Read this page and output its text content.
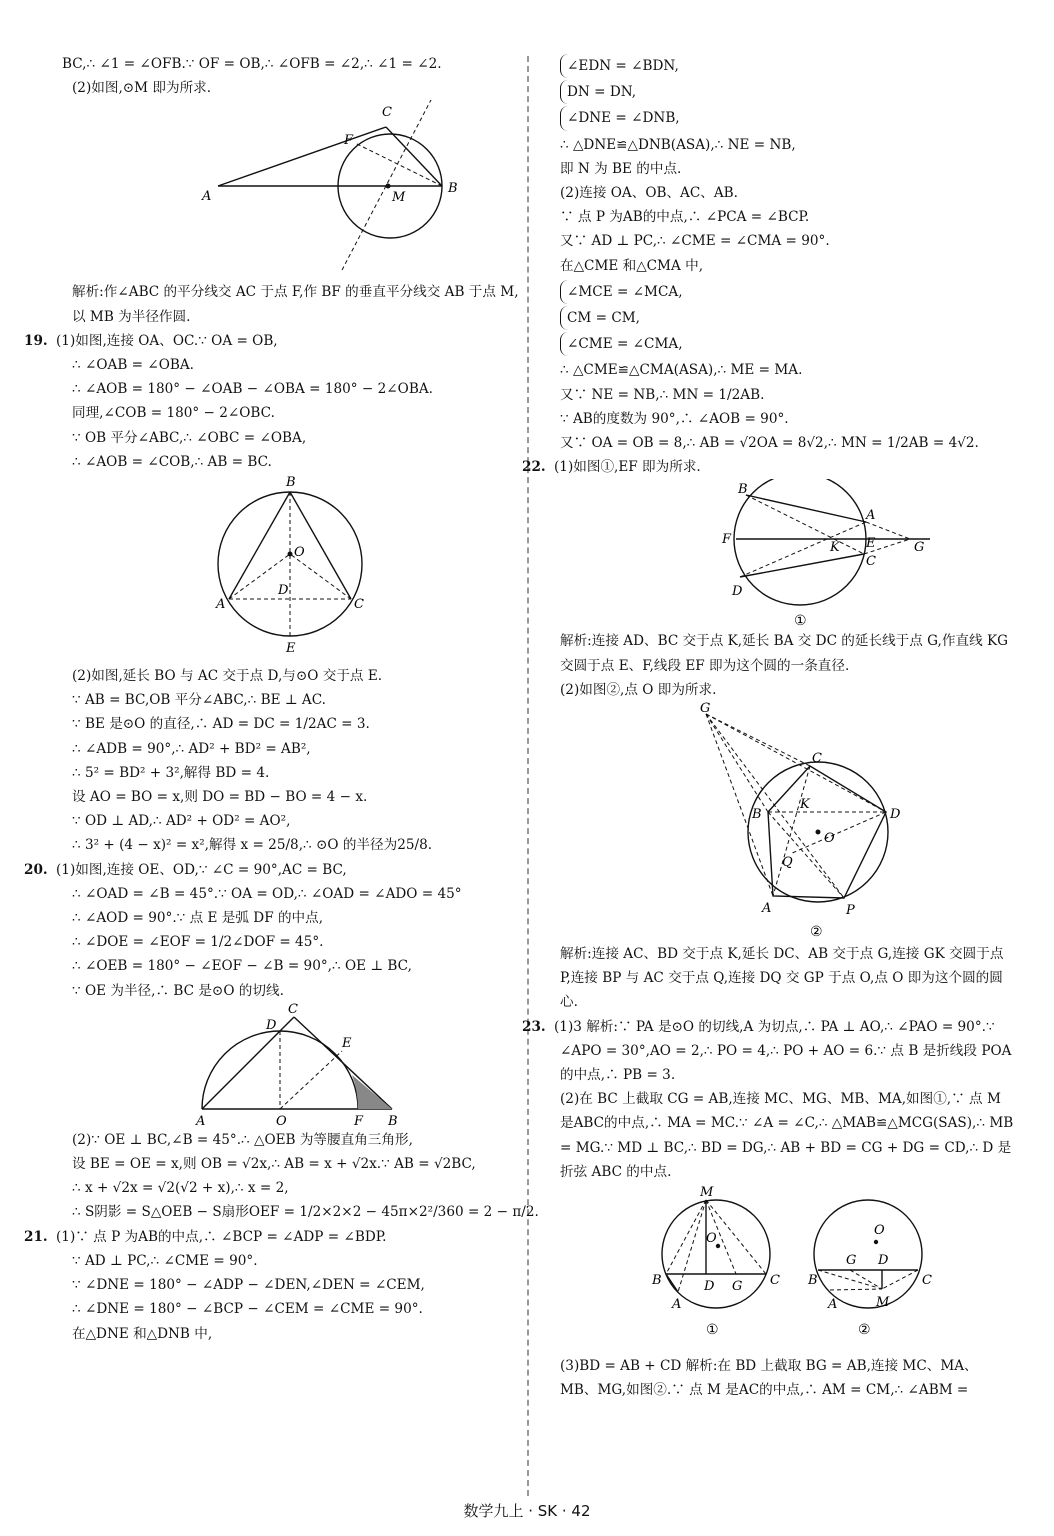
BC,∴ ∠1 = ∠OFB.∵ OF = OB,∴ ∠OFB = ∠2,∴ ∠1 = ∠2.
(2)如图,⊙M 即为所求.
C
F
A	M
B
解析:作∠ABC 的平分线交 AC 于点 F,作 BF 的垂直平分线交 AB 于点 M,以 MB 为半径作圆.
19. (1)如图,连接 OA、OC.∵ OA = OB,
∴ ∠OAB = ∠OBA.
∴ ∠AOB = 180° − ∠OAB − ∠OBA = 180° − 2∠OBA.
同理,∠COB = 180° − 2∠OBC.
∵ OB 平分∠ABC,∴ ∠OBC = ∠OBA,
∴ ∠AOB = ∠COB,∴ AB = BC.
B
O
D
A	C
E
(2)如图,延长 BO 与 AC 交于点 D,与⊙O 交于点 E.
∵ AB = BC,OB 平分∠ABC,∴ BE ⊥ AC.
∵ BE 是⊙O 的直径,∴ AD = DC = 1/2AC = 3.
∴ ∠ADB = 90°,∴ AD² + BD² = AB²,
∴ 5² = BD² + 3²,解得 BD = 4.
设 AO = BO = x,则 DO = BD − BO = 4 − x.
∵ OD ⊥ AD,∴ AD² + OD² = AO²,
∴ 3² + (4 − x)² = x²,解得 x = 25/8,∴ ⊙O 的半径为25/8.
20. (1)如图,连接 OE、OD,∵ ∠C = 90°,AC = BC,
∴ ∠OAD = ∠B = 45°.∵ OA = OD,∴ ∠OAD = ∠ADO = 45°
∴ ∠AOD = 90°.∵ 点 E 是弧 DF 的中点,
∴ ∠DOE = ∠EOF = 1/2∠DOF = 45°.
∴ ∠OEB = 180° − ∠EOF − ∠B = 90°,∴ OE ⊥ BC,
∵ OE 为半径,∴ BC 是⊙O 的切线.
C
D
E
A	O	F B
(2)∵ OE ⊥ BC,∠B = 45°.∴ △OEB 为等腰直角三角形,
设 BE = OE = x,则 OB = √2x,∴ AB = x + √2x.∵ AB = √2BC,
∴ x + √2x = √2(√2 + x),∴ x = 2,
∴ S阴影 = S△OEB − S扇形OEF = 1/2×2×2 − 45π×2²/360 = 2 − π/2.
21. (1)∵ 点 P 为AB的中点,∴ ∠BCP = ∠ADP = ∠BDP.
∵ AD ⊥ PC,∴ ∠CME = 90°.
∵ ∠DNE = 180° − ∠ADP − ∠DEN,∠DEN = ∠CEM,
∴ ∠DNE = 180° − ∠BCP − ∠CEM = ∠CME = 90°.
在△DNE 和△DNB 中,
∠EDN = ∠BDN,
DN = DN,
∠DNE = ∠DNB,
∴ △DNE≌△DNB(ASA),∴ NE = NB,
即 N 为 BE 的中点.
(2)连接 OA、OB、AC、AB.
∵ 点 P 为AB的中点,∴ ∠PCA = ∠BCP.
又∵ AD ⊥ PC,∴ ∠CME = ∠CMA = 90°.
在△CME 和△CMA 中,
∠MCE = ∠MCA,
CM = CM,
∠CME = ∠CMA,
∴ △CME≌△CMA(ASA),∴ ME = MA.
又∵ NE = NB,∴ MN = 1/2AB.
∵ AB的度数为 90°,∴ ∠AOB = 90°.
又∵ OA = OB = 8,∴ AB = √2OA = 8√2,∴ MN = 1/2AB = 4√2.
22. (1)如图①,EF 即为所求.
B
A
F
K E
C
G
D
①
解析:连接 AD、BC 交于点 K,延长 BA 交 DC 的延长线于点 G,作直线 KG 交圆于点 E、F,线段 EF 即为这个圆的一条直径.
(2)如图②,点 O 即为所求.
G
C
B
K
D
O
Q
A	P
②
解析:连接 AC、BD 交于点 K,延长 DC、AB 交于点 G,连接 GK 交圆于点 P,连接 BP 与 AC 交于点 Q,连接 DQ 交 GP 于点 O,点 O 即为这个圆的圆心.
23. (1)3 解析:∵ PA 是⊙O 的切线,A 为切点,∴ PA ⊥ AO,∴ ∠PAO = 90°.∵ ∠APO = 30°,AO = 2,∴ PO = 4,∴ PO + AO = 6.∵ 点 B 是折线段 POA 的中点,∴ PB = 3.
(2)在 BC 上截取 CG = AB,连接 MC、MG、MB、MA,如图①,∵ 点 M 是ABC的中点,∴ MA = MC.∵ ∠A = ∠C,∴ △MAB≌△MCG(SAS),∴ MB = MG.∵ MD ⊥ BC,∴ BD = DG,∴ AB + BD = CG + DG = CD,∴ D 是折弦 ABC 的中点.
M
O
B	D G C
A
①
O
B
G D
C
A	M
②
(3)BD = AB + CD 解析:在 BD 上截取 BG = AB,连接 MC、MA、MB、MG,如图②.∵ 点 M 是AC的中点,∴ AM = CM,∴ ∠ABM =
数学九上 · SK · 42
